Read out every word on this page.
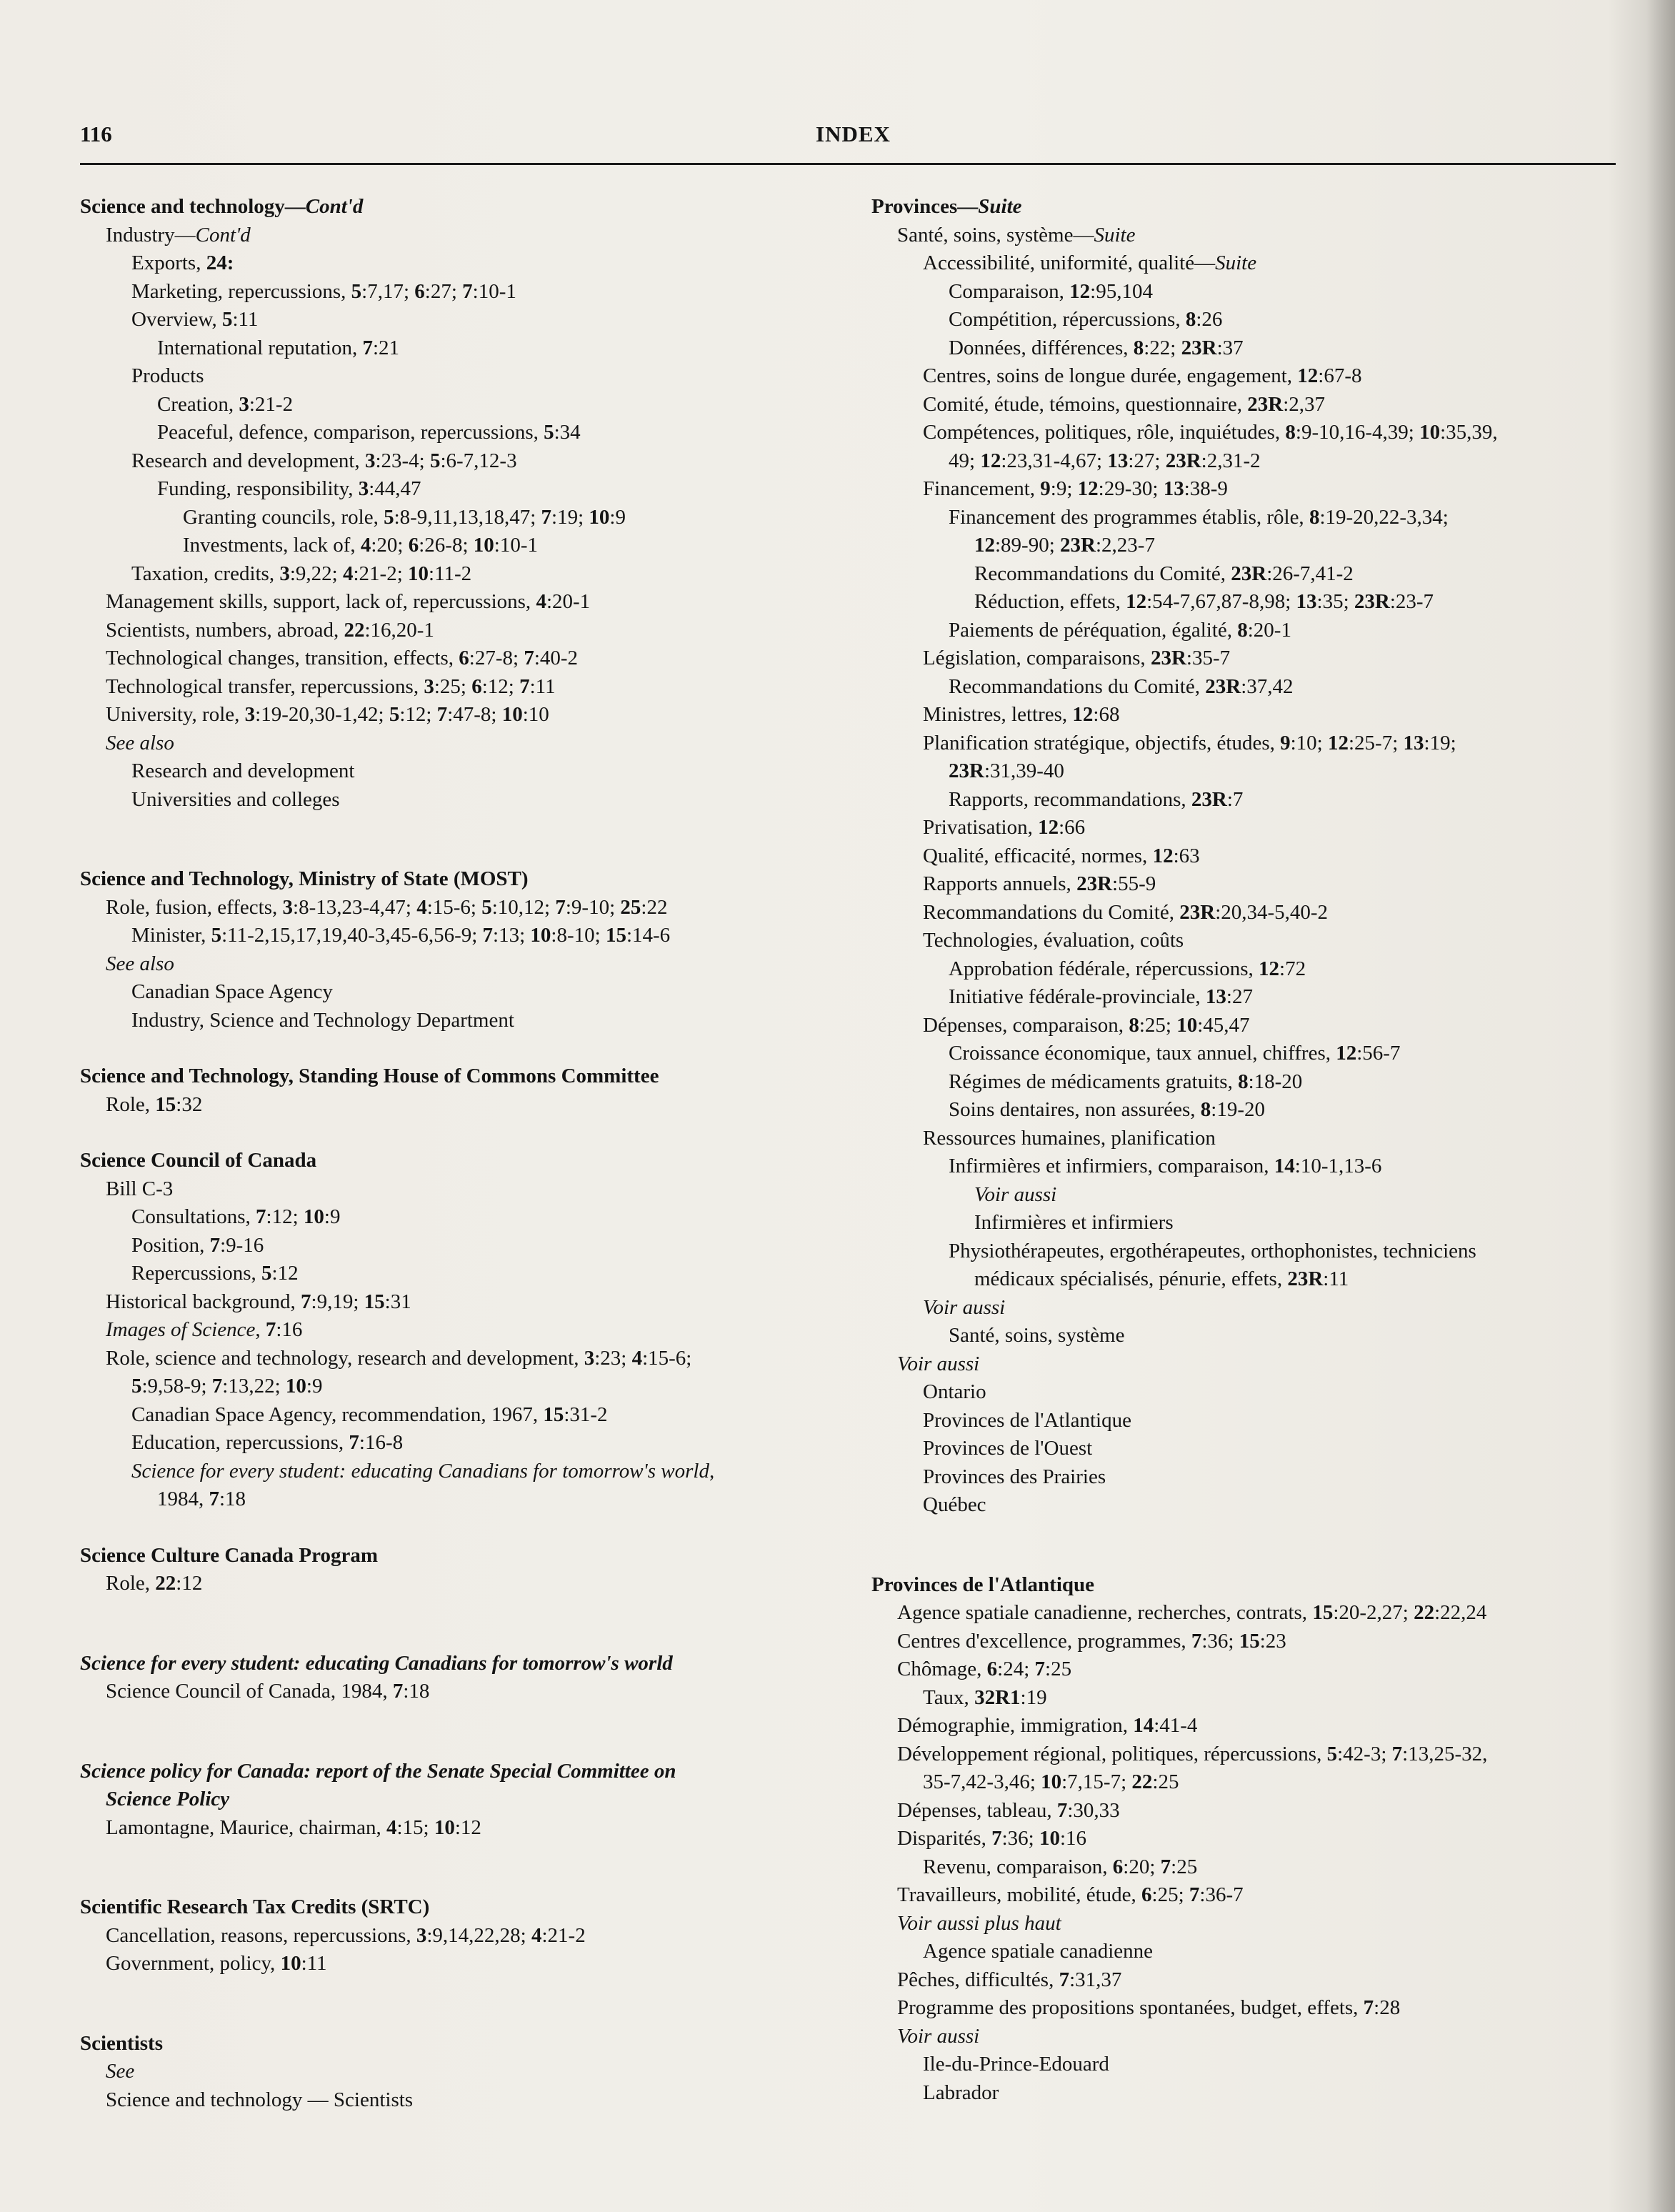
116	INDEX
Science and technology—Cont'd
Industry—Cont'd
Exports, 24:
Marketing, repercussions, 5:7,17; 6:27; 7:10-1
Overview, 5:11
International reputation, 7:21
Products
Creation, 3:21-2
Peaceful, defence, comparison, repercussions, 5:34
Research and development, 3:23-4; 5:6-7,12-3
Funding, responsibility, 3:44,47
Granting councils, role, 5:8-9,11,13,18,47; 7:19; 10:9
Investments, lack of, 4:20; 6:26-8; 10:10-1
Taxation, credits, 3:9,22; 4:21-2; 10:11-2
Management skills, support, lack of, repercussions, 4:20-1
Scientists, numbers, abroad, 22:16,20-1
Technological changes, transition, effects, 6:27-8; 7:40-2
Technological transfer, repercussions, 3:25; 6:12; 7:11
University, role, 3:19-20,30-1,42; 5:12; 7:47-8; 10:10
See also
Research and development
Universities and colleges
Science and Technology, Ministry of State (MOST)
Role, fusion, effects, 3:8-13,23-4,47; 4:15-6; 5:10,12; 7:9-10; 25:22
Minister, 5:11-2,15,17,19,40-3,45-6,56-9; 7:13; 10:8-10; 15:14-6
See also
Canadian Space Agency
Industry, Science and Technology Department
Science and Technology, Standing House of Commons Committee
Role, 15:32
Science Council of Canada
Bill C-3
Consultations, 7:12; 10:9
Position, 7:9-16
Repercussions, 5:12
Historical background, 7:9,19; 15:31
Images of Science, 7:16
Role, science and technology, research and development, 3:23; 4:15-6;
5:9,58-9; 7:13,22; 10:9
Canadian Space Agency, recommendation, 1967, 15:31-2
Education, repercussions, 7:16-8
Science for every student: educating Canadians for tomorrow's world,
1984, 7:18
Science Culture Canada Program
Role, 22:12
Science for every student: educating Canadians for tomorrow's world
Science Council of Canada, 1984, 7:18
Science policy for Canada: report of the Senate Special Committee on
Science Policy
Lamontagne, Maurice, chairman, 4:15; 10:12
Scientific Research Tax Credits (SRTC)
Cancellation, reasons, repercussions, 3:9,14,22,28; 4:21-2
Government, policy, 10:11
Scientists
See
Science and technology — Scientists
Provinces—Suite
Santé, soins, système—Suite
Accessibilité, uniformité, qualité—Suite
Comparaison, 12:95,104
Compétition, répercussions, 8:26
Données, différences, 8:22; 23R:37
Centres, soins de longue durée, engagement, 12:67-8
Comité, étude, témoins, questionnaire, 23R:2,37
Compétences, politiques, rôle, inquiétudes, 8:9-10,16-4,39; 10:35,39,
49; 12:23,31-4,67; 13:27; 23R:2,31-2
Financement, 9:9; 12:29-30; 13:38-9
Financement des programmes établis, rôle, 8:19-20,22-3,34;
12:89-90; 23R:2,23-7
Recommandations du Comité, 23R:26-7,41-2
Réduction, effets, 12:54-7,67,87-8,98; 13:35; 23R:23-7
Paiements de péréquation, égalité, 8:20-1
Législation, comparaisons, 23R:35-7
Recommandations du Comité, 23R:37,42
Ministres, lettres, 12:68
Planification stratégique, objectifs, études, 9:10; 12:25-7; 13:19;
23R:31,39-40
Rapports, recommandations, 23R:7
Privatisation, 12:66
Qualité, efficacité, normes, 12:63
Rapports annuels, 23R:55-9
Recommandations du Comité, 23R:20,34-5,40-2
Technologies, évaluation, coûts
Approbation fédérale, répercussions, 12:72
Initiative fédérale-provinciale, 13:27
Dépenses, comparaison, 8:25; 10:45,47
Croissance économique, taux annuel, chiffres, 12:56-7
Régimes de médicaments gratuits, 8:18-20
Soins dentaires, non assurées, 8:19-20
Ressources humaines, planification
Infirmières et infirmiers, comparaison, 14:10-1,13-6
Voir aussi
Infirmières et infirmiers
Physiothérapeutes, ergothérapeutes, orthophonistes, techniciens
médicaux spécialisés, pénurie, effets, 23R:11
Voir aussi
Santé, soins, système
Voir aussi
Ontario
Provinces de l'Atlantique
Provinces de l'Ouest
Provinces des Prairies
Québec
Provinces de l'Atlantique
Agence spatiale canadienne, recherches, contrats, 15:20-2,27; 22:22,24
Centres d'excellence, programmes, 7:36; 15:23
Chômage, 6:24; 7:25
Taux, 32R1:19
Démographie, immigration, 14:41-4
Développement régional, politiques, répercussions, 5:42-3; 7:13,25-32,
35-7,42-3,46; 10:7,15-7; 22:25
Dépenses, tableau, 7:30,33
Disparités, 7:36; 10:16
Revenu, comparaison, 6:20; 7:25
Travailleurs, mobilité, étude, 6:25; 7:36-7
Voir aussi plus haut
Agence spatiale canadienne
Pêches, difficultés, 7:31,37
Programme des propositions spontanées, budget, effets, 7:28
Voir aussi
Ile-du-Prince-Edouard
Labrador
